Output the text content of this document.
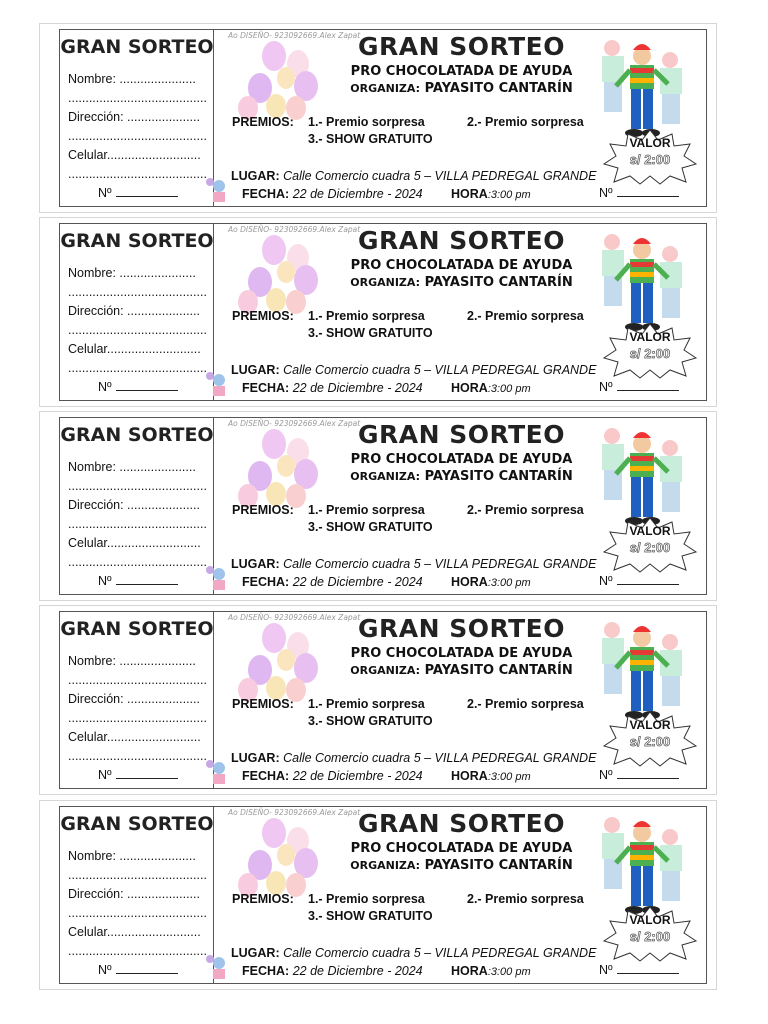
GRAN SORTEO
Nombre: ......................
........................................
Dirección: .....................
........................................
Celular...........................
........................................
Nº
Ao DISEÑO- 923092669.Alex Zapat
GRAN SORTEO
PRO CHOCOLATADA DE AYUDA
ORGANIZA: PAYASITO CANTARÍN
PREMIOS: 1.- Premio sorpresa	2.- Premio sorpresa
3.- SHOW GRATUITO	VALOR
s/ 2:00
LUGAR: Calle Comercio cuadra 5 – VILLA PEDREGAL GRANDE
FECHA: 22 de Diciembre - 2024 HORA:3:00 pm	Nº
GRAN SORTEO
Nombre: ......................
........................................
Dirección: .....................
........................................
Celular...........................
........................................
Nº
Ao DISEÑO- 923092669.Alex Zapat
GRAN SORTEO
PRO CHOCOLATADA DE AYUDA
ORGANIZA: PAYASITO CANTARÍN
PREMIOS: 1.- Premio sorpresa	2.- Premio sorpresa
3.- SHOW GRATUITO	VALOR
s/ 2:00
LUGAR: Calle Comercio cuadra 5 – VILLA PEDREGAL GRANDE
FECHA: 22 de Diciembre - 2024 HORA:3:00 pm	Nº
GRAN SORTEO
Nombre: ......................
........................................
Dirección: .....................
........................................
Celular...........................
........................................
Nº
Ao DISEÑO- 923092669.Alex Zapat
GRAN SORTEO
PRO CHOCOLATADA DE AYUDA
ORGANIZA: PAYASITO CANTARÍN
PREMIOS: 1.- Premio sorpresa	2.- Premio sorpresa
3.- SHOW GRATUITO	VALOR
s/ 2:00
LUGAR: Calle Comercio cuadra 5 – VILLA PEDREGAL GRANDE
FECHA: 22 de Diciembre - 2024 HORA:3:00 pm	Nº
GRAN SORTEO
Nombre: ......................
........................................
Dirección: .....................
........................................
Celular...........................
........................................
Nº
Ao DISEÑO- 923092669.Alex Zapat
GRAN SORTEO
PRO CHOCOLATADA DE AYUDA
ORGANIZA: PAYASITO CANTARÍN
PREMIOS: 1.- Premio sorpresa	2.- Premio sorpresa
3.- SHOW GRATUITO	VALOR
s/ 2:00
LUGAR: Calle Comercio cuadra 5 – VILLA PEDREGAL GRANDE
FECHA: 22 de Diciembre - 2024 HORA:3:00 pm	Nº
GRAN SORTEO
Nombre: ......................
........................................
Dirección: .....................
........................................
Celular...........................
........................................
Nº
Ao DISEÑO- 923092669.Alex Zapat
GRAN SORTEO
PRO CHOCOLATADA DE AYUDA
ORGANIZA: PAYASITO CANTARÍN
PREMIOS: 1.- Premio sorpresa	2.- Premio sorpresa
3.- SHOW GRATUITO	VALOR
s/ 2:00
LUGAR: Calle Comercio cuadra 5 – VILLA PEDREGAL GRANDE
FECHA: 22 de Diciembre - 2024 HORA:3:00 pm	Nº
